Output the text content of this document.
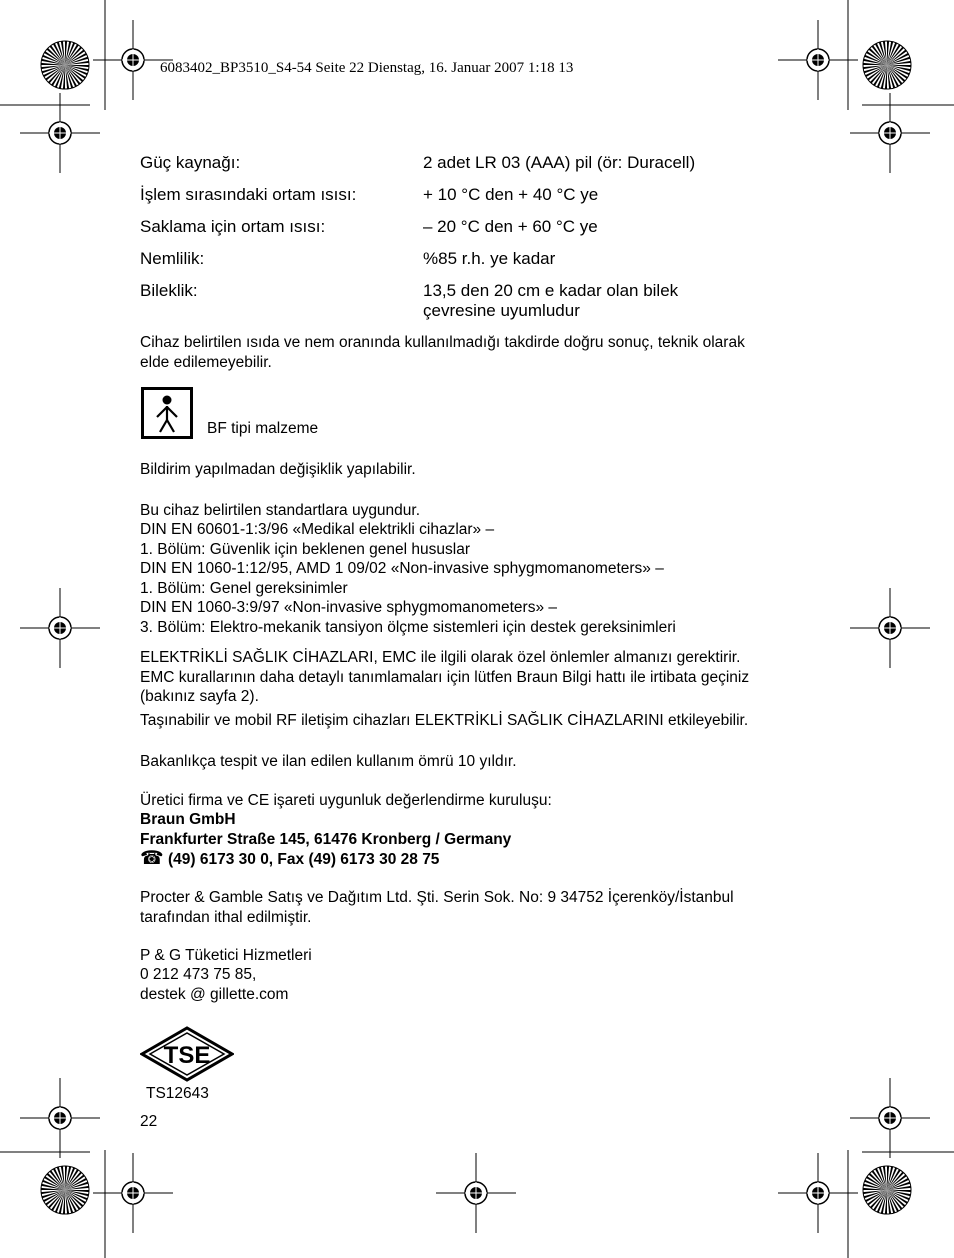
6083402_BP3510_S4-54 Seite 22 Dienstag, 16. Januar 2007 1:18 13
Güç kaynağı:	2 adet LR 03 (AAA) pil (ör: Duracell)
İşlem sırasındaki ortam ısısı:	+ 10 °C den + 40 °C ye
Saklama için ortam ısısı:	– 20 °C den + 60 °C ye
Nemlilik:	%85 r.h. ye kadar
Bileklik:	13,5 den 20 cm e kadar olan bilek
çevresine uyumludur
Cihaz belirtilen ısıda ve nem oranında kullanılmadığı takdirde doğru sonuç, teknik olarak
elde edilemeyebilir.
BF tipi malzeme
Bildirim yapılmadan değişiklik yapılabilir.
Bu cihaz belirtilen standartlara uygundur.
DIN EN 60601-1:3/96 «Medikal elektrikli cihazlar» –
1. Bölüm: Güvenlik için beklenen genel hususlar
DIN EN 1060-1:12/95, AMD 1 09/02 «Non-invasive sphygmomanometers» –
1. Bölüm: Genel gereksinimler
DIN EN 1060-3:9/97 «Non-invasive sphygmomanometers» –
3. Bölüm: Elektro-mekanik tansiyon ölçme sistemleri için destek gereksinimleri
ELEKTRİKLİ SAĞLIK CİHAZLARI, EMC ile ilgili olarak özel önlemler almanızı gerektirir.
EMC kurallarının daha detaylı tanımlamaları için lütfen Braun Bilgi hattı ile irtibata geçiniz
(bakınız sayfa 2).
Taşınabilir ve mobil RF iletişim cihazları ELEKTRİKLİ SAĞLIK CİHAZLARINI etkileyebilir.
Bakanlıkça tespit ve ilan edilen kullanım ömrü 10 yıldır.
Üretici firma ve CE işareti uygunluk değerlendirme kuruluşu:
Braun GmbH
Frankfurter Straße 145, 61476 Kronberg / Germany
☎ (49) 6173 30 0, Fax (49) 6173 30 28 75
Procter & Gamble Satış ve Dağıtım Ltd. Şti. Serin Sok. No: 9 34752 İçerenköy/İstanbul
tarafından ithal edilmiştir.
P & G Tüketici Hizmetleri
0 212 473 75 85,
destek @ gillette.com
TSE
TS12643
22
